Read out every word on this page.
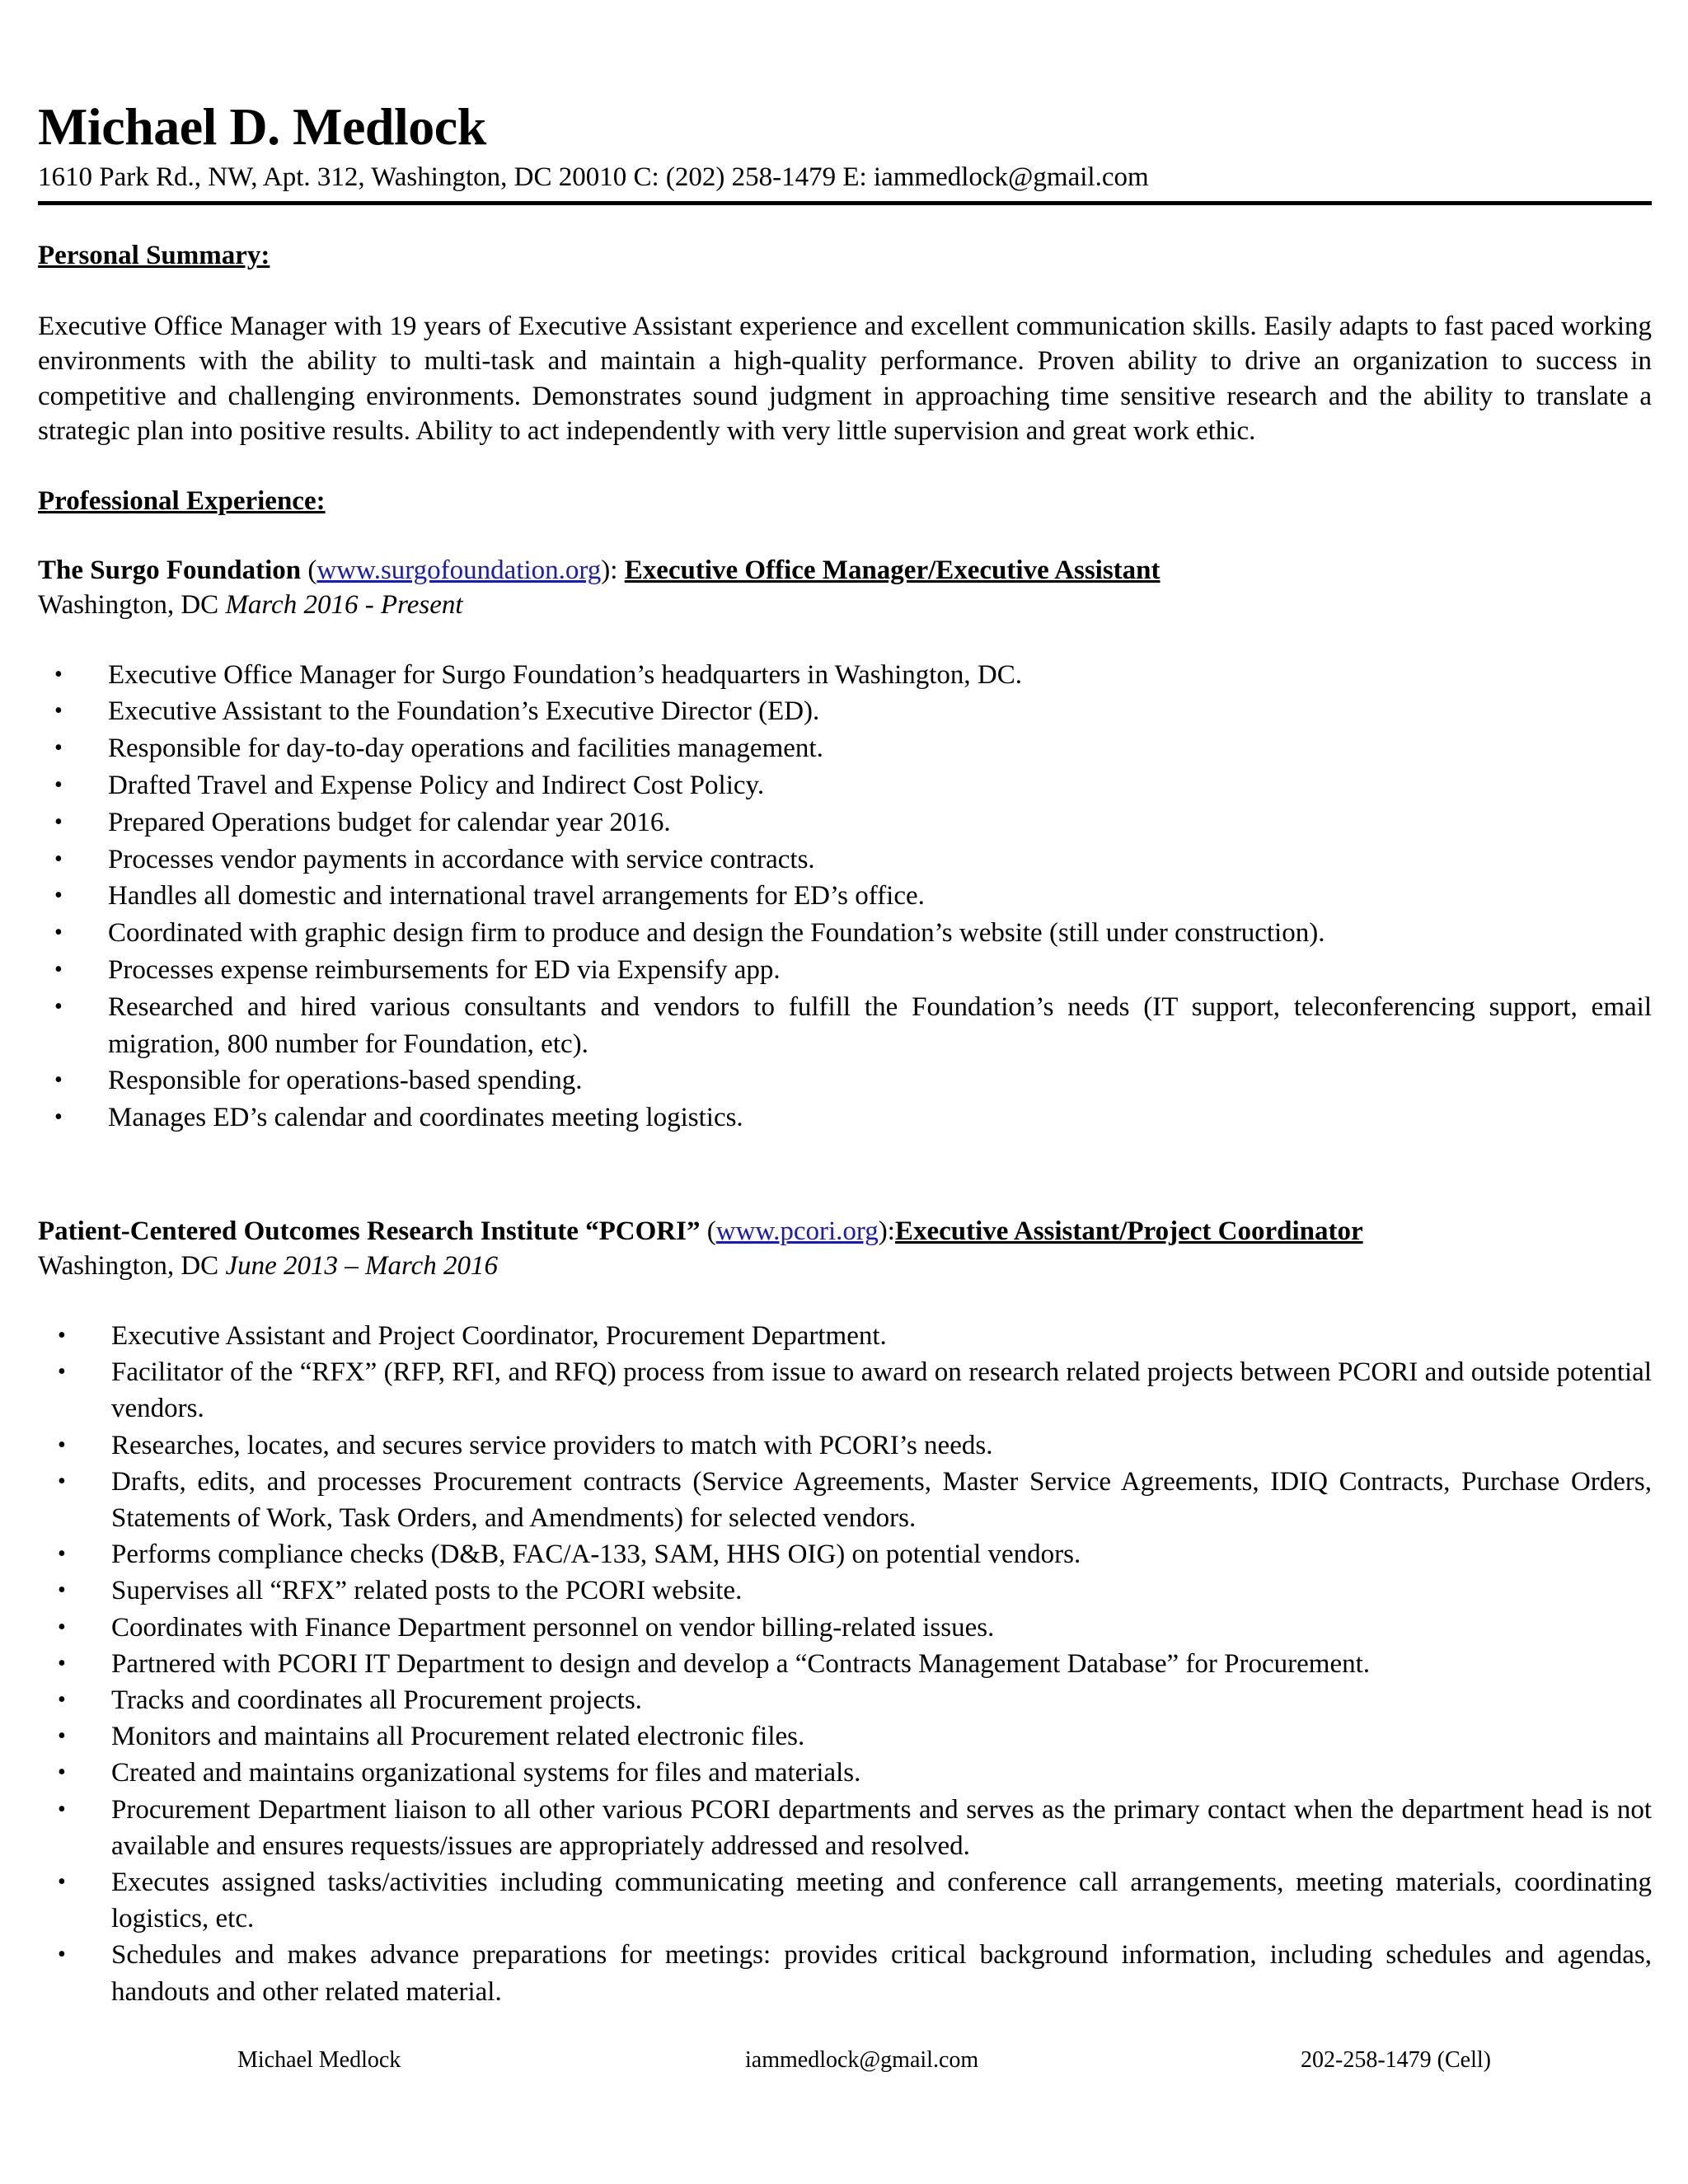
Michael D. Medlock
1610 Park Rd., NW, Apt. 312, Washington, DC 20010 C: (202) 258-1479 E: iammedlock@gmail.com
Personal Summary:
Executive Office Manager with 19 years of Executive Assistant experience and excellent communication skills. Easily adapts to fast paced working environments with the ability to multi-task and maintain a high-quality performance. Proven ability to drive an organization to success in competitive and challenging environments. Demonstrates sound judgment in approaching time sensitive research and the ability to translate a strategic plan into positive results. Ability to act independently with very little supervision and great work ethic.
Professional Experience:
The Surgo Foundation (www.surgofoundation.org): Executive Office Manager/Executive Assistant
Washington, DC March 2016 - Present
• Executive Office Manager for Surgo Foundation’s headquarters in Washington, DC.
• Executive Assistant to the Foundation’s Executive Director (ED).
• Responsible for day-to-day operations and facilities management.
• Drafted Travel and Expense Policy and Indirect Cost Policy.
• Prepared Operations budget for calendar year 2016.
• Processes vendor payments in accordance with service contracts.
• Handles all domestic and international travel arrangements for ED’s office.
• Coordinated with graphic design firm to produce and design the Foundation’s website (still under construction).
• Processes expense reimbursements for ED via Expensify app.
• Researched and hired various consultants and vendors to fulfill the Foundation’s needs (IT support, teleconferencing support, email migration, 800 number for Foundation, etc).
• Responsible for operations-based spending.
• Manages ED’s calendar and coordinates meeting logistics.
Patient-Centered Outcomes Research Institute “PCORI” (www.pcori.org):Executive Assistant/Project Coordinator
Washington, DC June 2013 – March 2016
• Executive Assistant and Project Coordinator, Procurement Department.
• Facilitator of the “RFX” (RFP, RFI, and RFQ) process from issue to award on research related projects between PCORI and outside potential vendors.
• Researches, locates, and secures service providers to match with PCORI’s needs.
• Drafts, edits, and processes Procurement contracts (Service Agreements, Master Service Agreements, IDIQ Contracts, Purchase Orders, Statements of Work, Task Orders, and Amendments) for selected vendors.
• Performs compliance checks (D&B, FAC/A-133, SAM, HHS OIG) on potential vendors.
• Supervises all “RFX” related posts to the PCORI website.
• Coordinates with Finance Department personnel on vendor billing-related issues.
• Partnered with PCORI IT Department to design and develop a “Contracts Management Database” for Procurement.
• Tracks and coordinates all Procurement projects.
• Monitors and maintains all Procurement related electronic files.
• Created and maintains organizational systems for files and materials.
• Procurement Department liaison to all other various PCORI departments and serves as the primary contact when the department head is not available and ensures requests/issues are appropriately addressed and resolved.
• Executes assigned tasks/activities including communicating meeting and conference call arrangements, meeting materials, coordinating logistics, etc.
• Schedules and makes advance preparations for meetings: provides critical background information, including schedules and agendas, handouts and other related material.
Michael Medlock	iammedlock@gmail.com	202-258-1479 (Cell)
